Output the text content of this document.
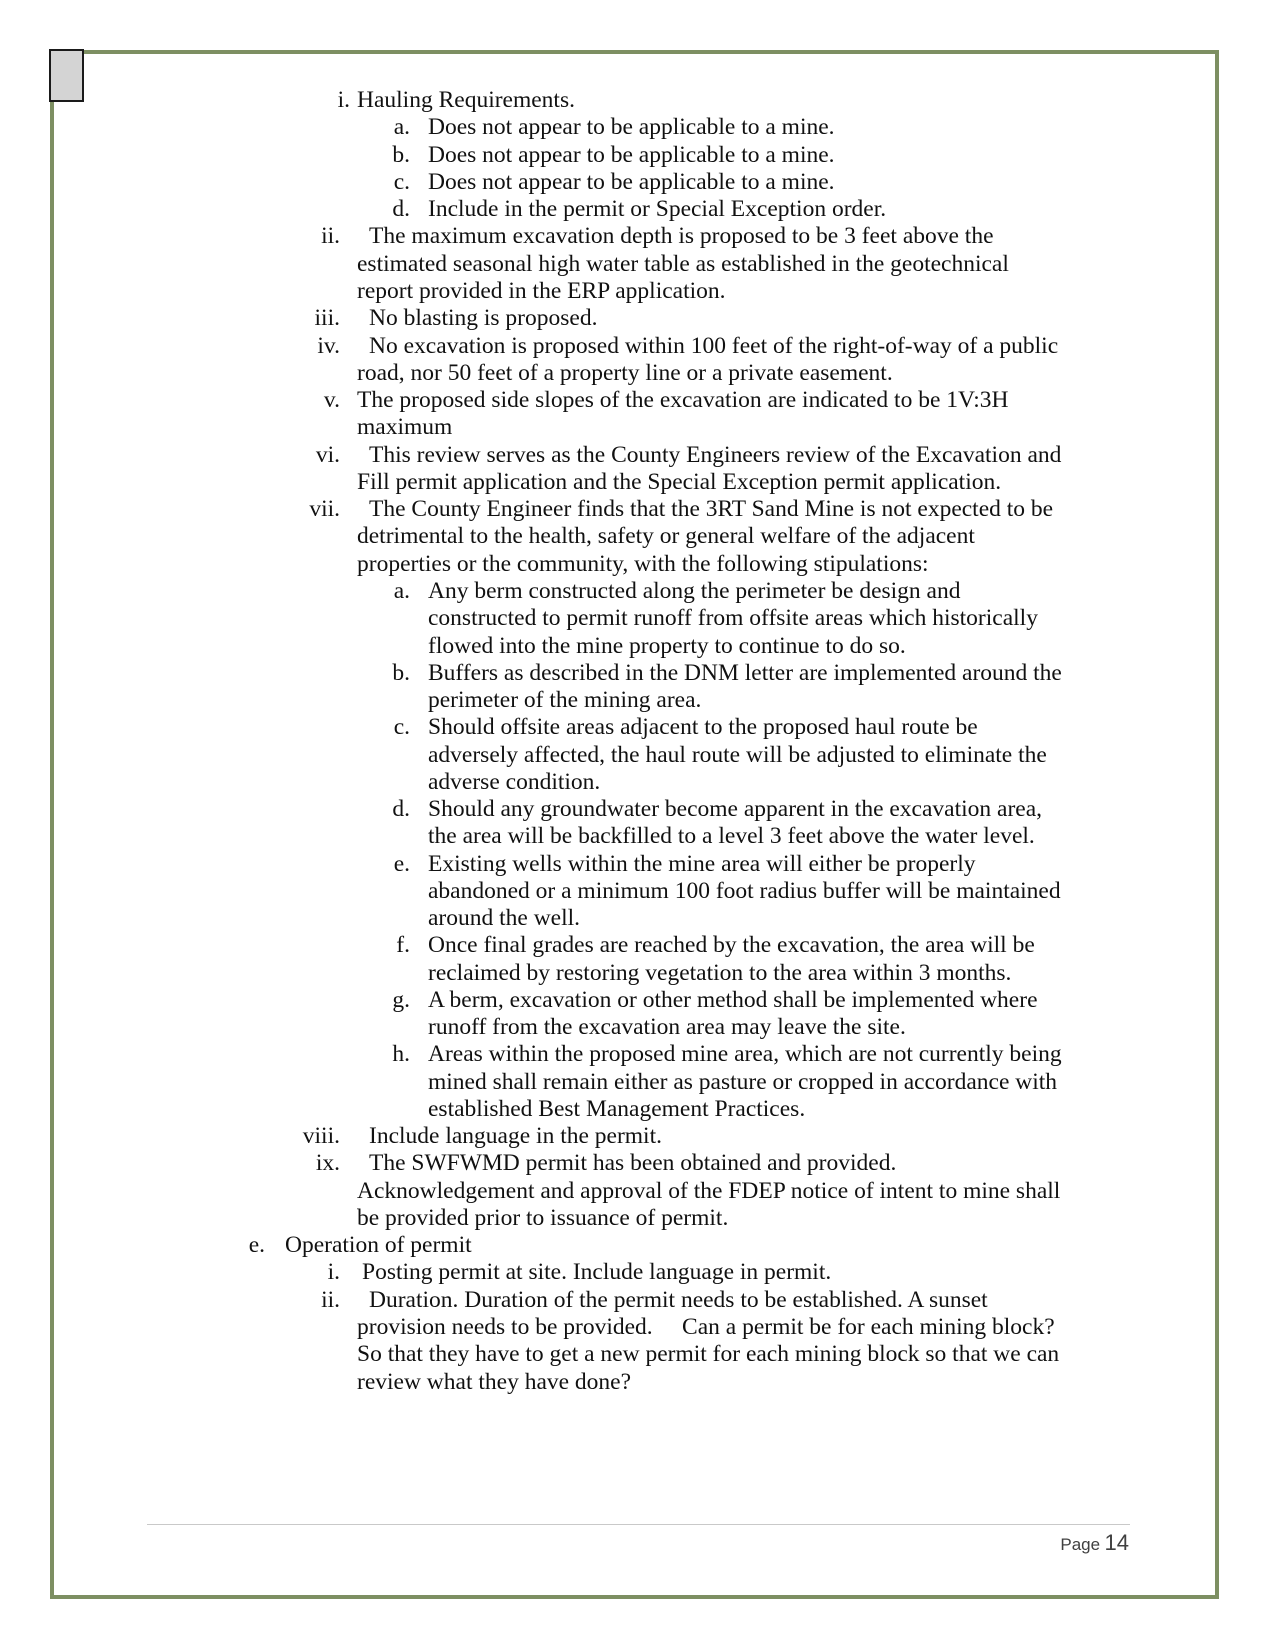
i. Hauling Requirements.
a. Does not appear to be applicable to a mine.
b. Does not appear to be applicable to a mine.
c. Does not appear to be applicable to a mine.
d. Include in the permit or Special Exception order.
ii. The maximum excavation depth is proposed to be 3 feet above the
estimated seasonal high water table as established in the geotechnical
report provided in the ERP application.
iii. No blasting is proposed.
iv. No excavation is proposed within 100 feet of the right-of-way of a public
road, nor 50 feet of a property line or a private easement.
v. The proposed side slopes of the excavation are indicated to be 1V:3H
maximum
vi. This review serves as the County Engineers review of the Excavation and
Fill permit application and the Special Exception permit application.
vii. The County Engineer finds that the 3RT Sand Mine is not expected to be
detrimental to the health, safety or general welfare of the adjacent
properties or the community, with the following stipulations:
a. Any berm constructed along the perimeter be design and
constructed to permit runoff from offsite areas which historically
flowed into the mine property to continue to do so.
b. Buffers as described in the DNM letter are implemented around the
perimeter of the mining area.
c. Should offsite areas adjacent to the proposed haul route be
adversely affected, the haul route will be adjusted to eliminate the
adverse condition.
d. Should any groundwater become apparent in the excavation area,
the area will be backfilled to a level 3 feet above the water level.
e. Existing wells within the mine area will either be properly
abandoned or a minimum 100 foot radius buffer will be maintained
around the well.
f. Once final grades are reached by the excavation, the area will be
reclaimed by restoring vegetation to the area within 3 months.
g. A berm, excavation or other method shall be implemented where
runoff from the excavation area may leave the site.
h. Areas within the proposed mine area, which are not currently being
mined shall remain either as pasture or cropped in accordance with
established Best Management Practices.
viii. Include language in the permit.
ix. The SWFWMD permit has been obtained and provided.
Acknowledgement and approval of the FDEP notice of intent to mine shall
be provided prior to issuance of permit.
e. Operation of permit
i. Posting permit at site. Include language in permit.
ii. Duration. Duration of the permit needs to be established. A sunset
provision needs to be provided.     Can a permit be for each mining block?
So that they have to get a new permit for each mining block so that we can
review what they have done?
Page 14
